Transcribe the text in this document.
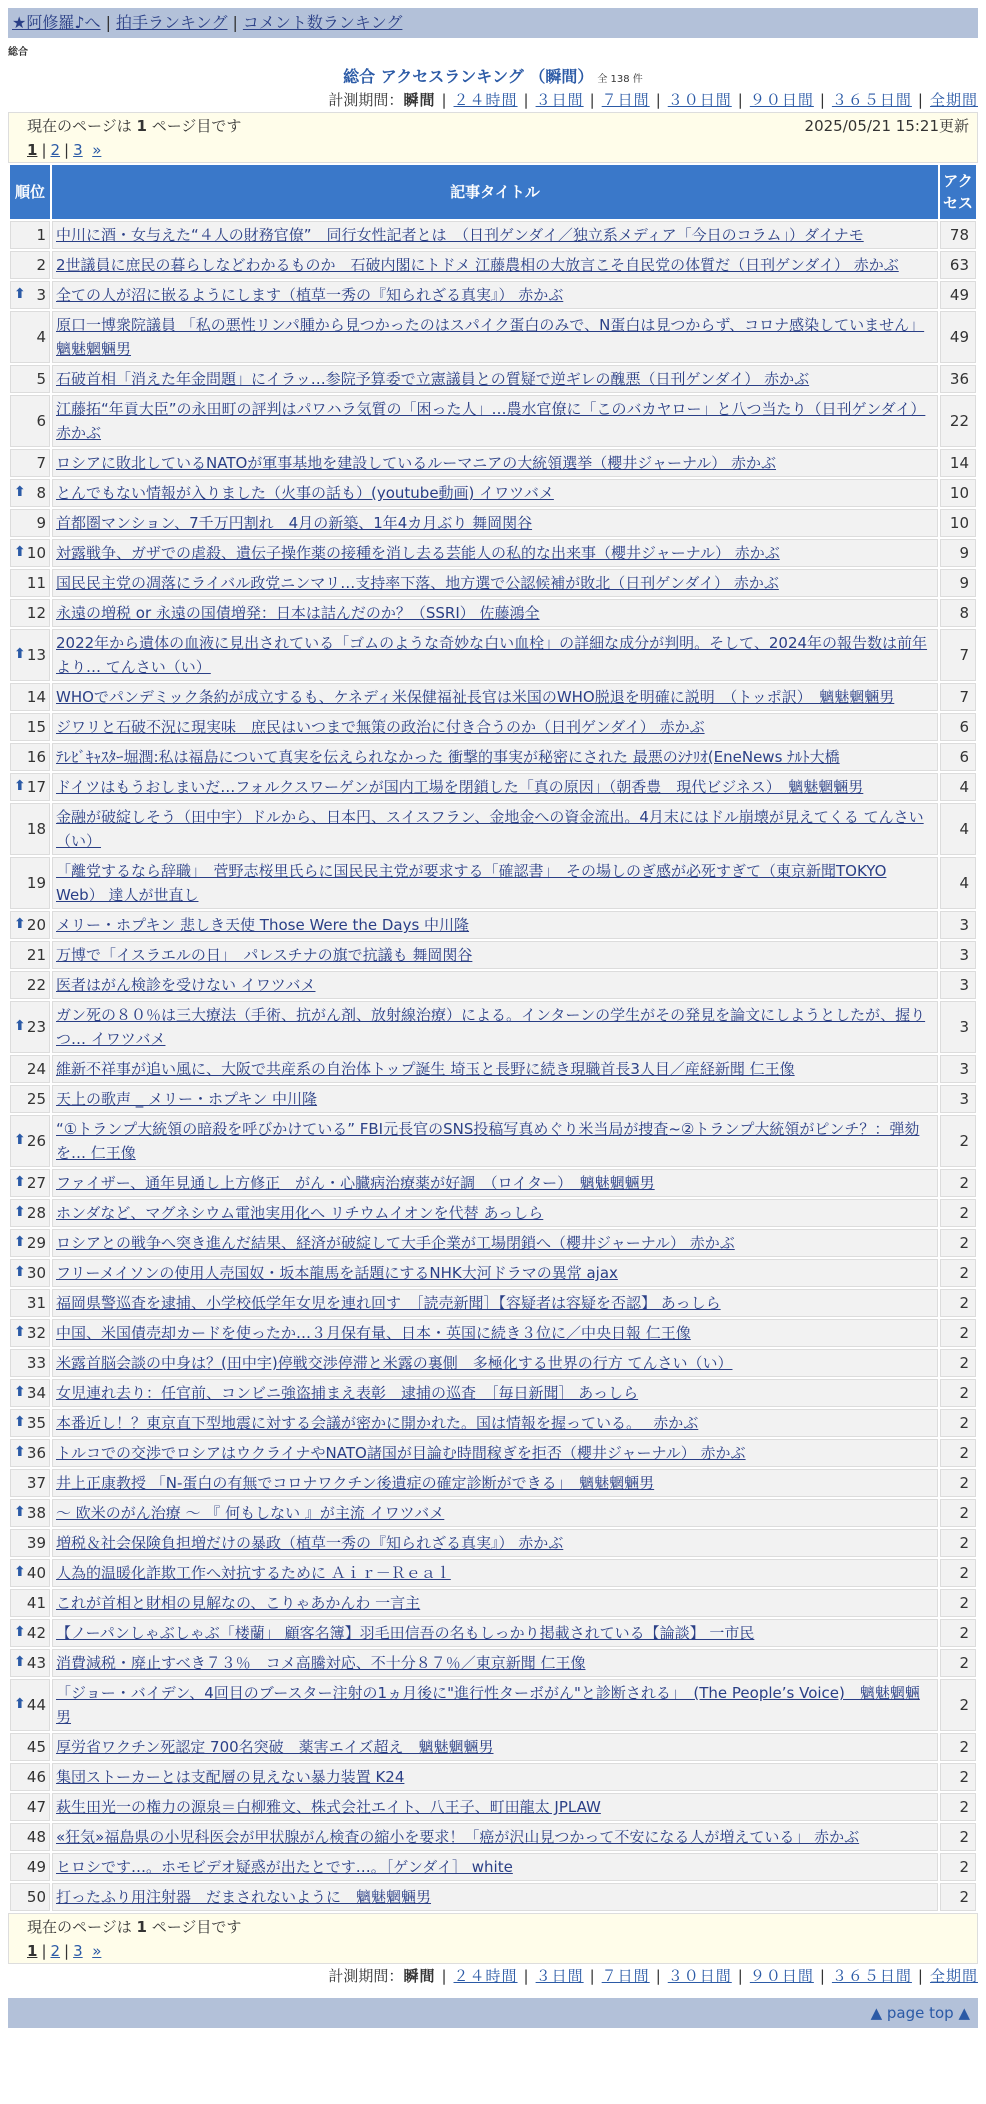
★阿修羅♪へ | 拍手ランキング | コメント数ランキング
総合
総合 アクセスランキング （瞬間） 全 138 件
計測期間：瞬間 | ２４時間 | ３日間 | ７日間 | ３０日間 | ９０日間 | ３６５日間 | 全期間
現在のページは 1 ページ目です	2025/05/21 15:21更新
1 | 2 | 3 »
順位	記事タイトル	アクセス
1	中川に酒・女与えた“４人の財務官僚”　同行女性記者とは　（日刊ゲンダイ／独立系メディア「今日のコラム」）ダイナモ	78
2	2世議員に庶民の暮らしなどわかるものか　石破内閣にトドメ 江藤農相の大放言こそ自民党の体質だ（日刊ゲンダイ） 赤かぶ	63

⬆ 3	全ての人が沼に嵌るようにします（植草一秀の『知られざる真実』） 赤かぶ	49
4	原口一博衆院議員 「私の悪性リンパ腫から見つかったのはスパイク蛋白のみで、N蛋白は見つからず、コロナ感染していません」 魑魅魍魎男	49
5	石破首相「消えた年金問題」にイラッ…参院予算委で立憲議員との質疑で逆ギレの醜悪（日刊ゲンダイ） 赤かぶ	36
6	江藤拓“年貢大臣”の永田町の評判はパワハラ気質の「困った人」…農水官僚に「このバカヤロー」と八つ当たり（日刊ゲンダイ） 赤かぶ	22
7	ロシアに敗北しているNATOが軍事基地を建設しているルーマニアの大統領選挙（櫻井ジャーナル） 赤かぶ	14

⬆ 8	とんでもない情報が入りました（火事の話も）(youtube動画) イワツバメ	10
9	首都圏マンション、7千万円割れ　4月の新築、1年4カ月ぶり 舞岡関谷	10

⬆ 10	対露戦争、ガザでの虐殺、遺伝子操作薬の接種を消し去る芸能人の私的な出来事（櫻井ジャーナル） 赤かぶ	9
11	国民民主党の凋落にライバル政党ニンマリ…支持率下落、地方選で公認候補が敗北（日刊ゲンダイ） 赤かぶ	9
12	永遠の増税 or 永遠の国債増発：日本は詰んだのか？（SSRI） 佐藤鴻全	8

⬆ 13	2022年から遺体の血液に見出されている「ゴムのような奇妙な白い血栓」の詳細な成分が判明。そして、2024年の報告数は前年より… てんさい（い）	7
14	WHOでパンデミック条約が成立するも、ケネディ米保健福祉長官は米国のWHO脱退を明確に説明　（トッポ訳）　魑魅魍魎男	7
15	ジワリと石破不況に現実味　庶民はいつまで無策の政治に付き合うのか（日刊ゲンダイ） 赤かぶ	6
16	ﾃﾚﾋﾞｷｬｽﾀｰ堀潤:私は福島について真実を伝えられなかった 衝撃的事実が秘密にされた 最悪のｼﾅﾘｵ(EneNews ﾅﾙﾄ大橋	6

⬆ 17	ドイツはもうおしまいだ…フォルクスワーゲンが国内工場を閉鎖した「真の原因」（朝香豊　現代ビジネス）　魑魅魍魎男	4
18	金融が破綻しそう（田中宇）ドルから、日本円、スイスフラン、金地金への資金流出。4月末にはドル崩壊が見えてくる てんさい（い）	4
19	「離党するなら辞職」　菅野志桜里氏らに国民民主党が要求する「確認書」　その場しのぎ感が必死すぎて（東京新聞TOKYO Web） 達人が世直し	4

⬆ 20	メリー・ホプキン 悲しき天使 Those Were the Days 中川隆	3
21	万博で「イスラエルの日」　パレスチナの旗で抗議も 舞岡関谷	3
22	医者はがん検診を受けない イワツバメ	3

⬆ 23	ガン死の８０％は三大療法（手術、抗がん剤、放射線治療）による。インターンの学生がその発見を論文にしようとしたが、握りつ… イワツバメ	3
24	維新不祥事が追い風に、大阪で共産系の自治体トップ誕生 埼玉と長野に続き現職首長3人目／産経新聞 仁王像	3
25	天上の歌声 _ メリー・ホプキン 中川隆	3

⬆ 26	“①トランプ大統領の暗殺を呼びかけている” FBI元長官のSNS投稿写真めぐり米当局が捜査~②トランプ大統領がピンチ？：弾劾を… 仁王像	2

⬆ 27	ファイザー、通年見通し上方修正　がん・心臓病治療薬が好調　（ロイター）　魑魅魍魎男	2

⬆ 28	ホンダなど、マグネシウム電池実用化へ リチウムイオンを代替 あっしら	2

⬆ 29	ロシアとの戦争へ突き進んだ結果、経済が破綻して大手企業が工場閉鎖へ（櫻井ジャーナル） 赤かぶ	2

⬆ 30	フリーメイソンの使用人売国奴・坂本龍馬を話題にするNHK大河ドラマの異常 ajax	2
31	福岡県警巡査を逮捕、小学校低学年女児を連れ回す　［読売新聞］【容疑者は容疑を否認】 あっしら	2

⬆ 32	中国、米国債売却カードを使ったか…３月保有量、日本・英国に続き３位に／中央日報 仁王像	2
33	米露首脳会談の中身は？(田中宇)停戦交渉停滞と米露の裏側　多極化する世界の行方 てんさい（い）	2

⬆ 34	女児連れ去り：任官前、コンビニ強盗捕まえ表彰　逮捕の巡査　［毎日新聞］ あっしら	2

⬆ 35	本番近し！？東京直下型地震に対する会議が密かに開かれた。国は情報を握っている。　 赤かぶ	2

⬆ 36	トルコでの交渉でロシアはウクライナやNATO諸国が目論む時間稼ぎを拒否（櫻井ジャーナル） 赤かぶ	2
37	井上正康教授 「N-蛋白の有無でコロナワクチン後遺症の確定診断ができる」　魑魅魍魎男	2

⬆ 38	～ 欧米のがん治療 ～ 『 何もしない 』が主流 イワツバメ	2
39	増税＆社会保険負担増だけの暴政（植草一秀の『知られざる真実』） 赤かぶ	2

⬆ 40	人為的温暖化詐欺工作へ対抗するために Ａｉｒ－Ｒｅａｌ	2
41	これが首相と財相の見解なの、こりゃあかんわ 一言主	2

⬆ 42	【ノーパンしゃぶしゃぶ「楼蘭」 顧客名簿】羽毛田信吾の名もしっかり掲載されている【論談】 一市民	2

⬆ 43	消費減税・廃止すべき７３％　コメ高騰対応、不十分８７％／東京新聞 仁王像	2

⬆ 44	「ジョー・バイデン、4回目のブースター注射の1ヵ月後に"進行性ターボがん"と診断される」　(The People’s Voice)　魑魅魍魎男	2
45	厚労省ワクチン死認定 700名突破　薬害エイズ超え　魑魅魍魎男	2
46	集団ストーカーとは支配層の見えない暴力装置 K24	2
47	萩生田光一の権力の源泉＝白柳雅文、株式会社エイト、八王子、町田龍太 JPLAW	2
48	«狂気»福島県の小児科医会が甲状腺がん検査の縮小を要求！「癌が沢山見つかって不安になる人が増えている」 赤かぶ	2
49	ヒロシです…。ホモビデオ疑惑が出たとです…。［ゲンダイ］ white	2
50	打ったふり用注射器　だまされないように　魑魅魍魎男	2
現在のページは 1 ページ目です
1 | 2 | 3 »
計測期間：瞬間 | ２４時間 | ３日間 | ７日間 | ３０日間 | ９０日間 | ３６５日間 | 全期間
▲ page top ▲
